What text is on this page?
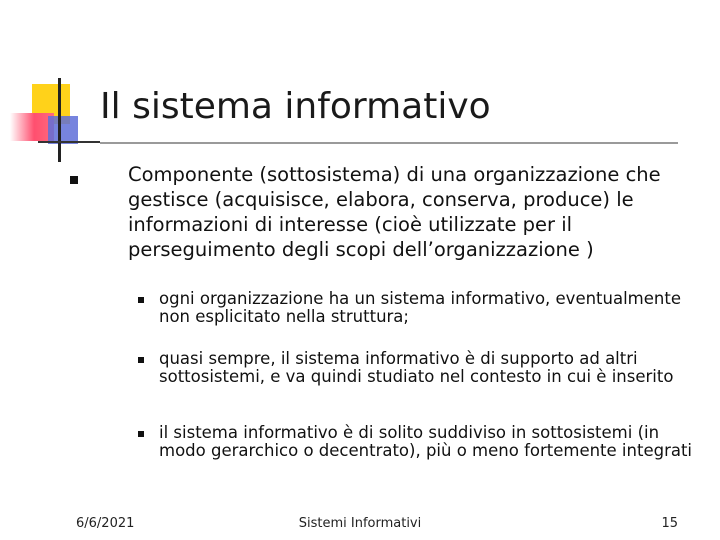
Il sistema informativo
Componente (sottosistema) di una organizzazione che gestisce (acquisisce, elabora, conserva, produce) le informazioni di interesse (cioè utilizzate per il perseguimento degli scopi dell’organizzazione )
ogni organizzazione ha un sistema informativo, eventualmente non esplicitato nella struttura;
quasi sempre, il sistema informativo è di supporto ad altri sottosistemi, e va quindi studiato nel contesto in cui è inserito
il sistema informativo è di solito suddiviso in sottosistemi (in modo gerarchico o decentrato), più o meno fortemente integrati
6/6/2021	Sistemi Informativi	15
